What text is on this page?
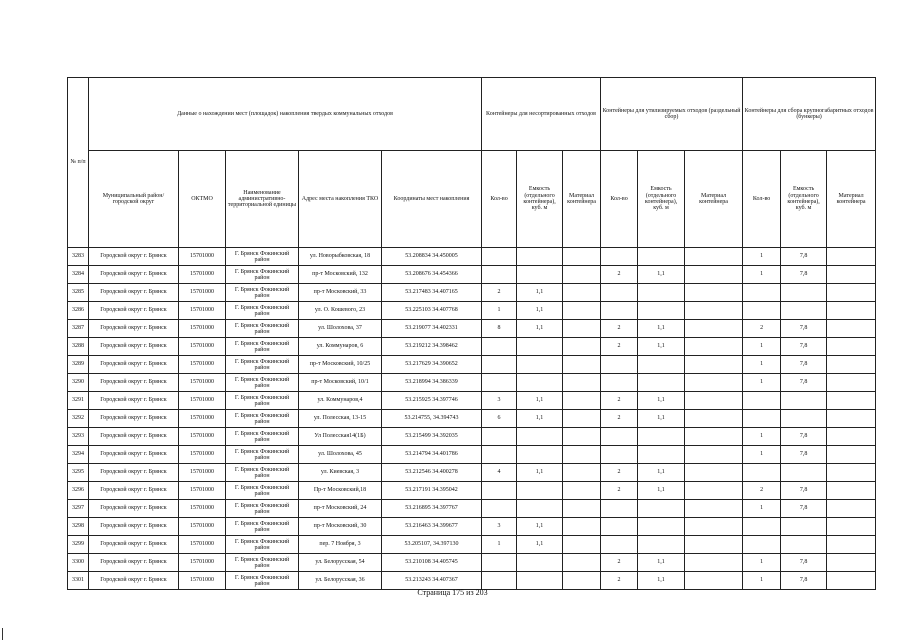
№ п/п	Данные о нахождении мест (площадок) накопления твердых коммунальных отходов					Контейнеры для несортированных отходов			Контейнеры для утилизируемых отходов (раздельный сбор)			Контейнеры для сбора крупногабаритных отходов (бункеры)		
	Муниципальный район/городской округ	ОКТМО	Наименование административно-территориальной единицы	Адрес места накопления ТКО	Координаты мест накопления	Кол-во	Емкость (отдельного контейнера), куб. м	Материал контейнера	Кол-во	Емкость (отдельного контейнера), куб. м	Материал контейнера	Кол-во	Емкость (отдельного контейнера), куб. м	Материал контейнера
3283	Городской округ г. Брянск	15701000	Г. Брянск Фокинский район	ул. Новорыбковская, 18	53.208834 34.450005							1	7,8	
3284	Городской округ г. Брянск	15701000	Г. Брянск Фокинский район	пр-т Московский, 132	53.208676 34.454366				2	1,1		1	7,8	
3285	Городской округ г. Брянск	15701000	Г. Брянск Фокинский район	пр-т Московский, 33	53.217483 34.407165	2	1,1							
3286	Городской округ г. Брянск	15701000	Г. Брянск Фокинский район	ул. О. Кошевого, 23	53.225103 34.407768	1	1,1							
3287	Городской округ г. Брянск	15701000	Г. Брянск Фокинский район	ул. Шолохова, 37	53.219077 34.402331	8	1,1		2	1,1		2	7,8	
3288	Городской округ г. Брянск	15701000	Г. Брянск Фокинский район	ул. Коммунаров, 6	53.219212 34.398462				2	1,1		1	7,8	
3289	Городской округ г. Брянск	15701000	Г. Брянск Фокинский район	пр-т Московский, 10/25	53.217629 34.390652							1	7,8	
3290	Городской округ г. Брянск	15701000	Г. Брянск Фокинский район	пр-т Московский, 10/1	53.218994 34.386339							1	7,8	
3291	Городской округ г. Брянск	15701000	Г. Брянск Фокинский район	ул. Коммунаров,4	53.215925 34.397746	3	1,1		2	1,1				
3292	Городской округ г. Брянск	15701000	Г. Брянск Фокинский район	ул. Полесская, 13-15	53.214755, 34.394743	6	1,1		2	1,1				
3293	Городской округ г. Брянск	15701000	Г. Брянск Фокинский район	Ул Полесская14(1Б)	53.215499 34.392035							1	7,8	
3294	Городской округ г. Брянск	15701000	Г. Брянск Фокинский район	ул. Шолохова, 45	53.214794 34.401786							1	7,8	
3295	Городской округ г. Брянск	15701000	Г. Брянск Фокинский район	ул. Киевская, 3	53.212546 34.400278	4	1,1		2	1,1				
3296	Городской округ г. Брянск	15701000	Г. Брянск Фокинский район	Пр-т Московский,18	53.217191 34.395042				2	1,1		2	7,8	
3297	Городской округ г. Брянск	15701000	Г. Брянск Фокинский район	пр-т Московский, 24	53.216895 34.397767							1	7,8	
3298	Городской округ г. Брянск	15701000	Г. Брянск Фокинский район	пр-т Московский, 30	53.216463 34.399677	3	1,1							
3299	Городской округ г. Брянск	15701000	Г. Брянск Фокинский район	пер. 7 Ноября, 3	53.205107, 34.397130	1	1,1							
3300	Городской округ г. Брянск	15701000	Г. Брянск Фокинский район	ул. Белорусская, 54	53.210108 34.405745				2	1,1		1	7,8	
3301	Городской округ г. Брянск	15701000	Г. Брянск Фокинский район	ул. Белорусская, 36	53.213243 34.407367				2	1,1		1	7,8	
Страница 175 из 203
